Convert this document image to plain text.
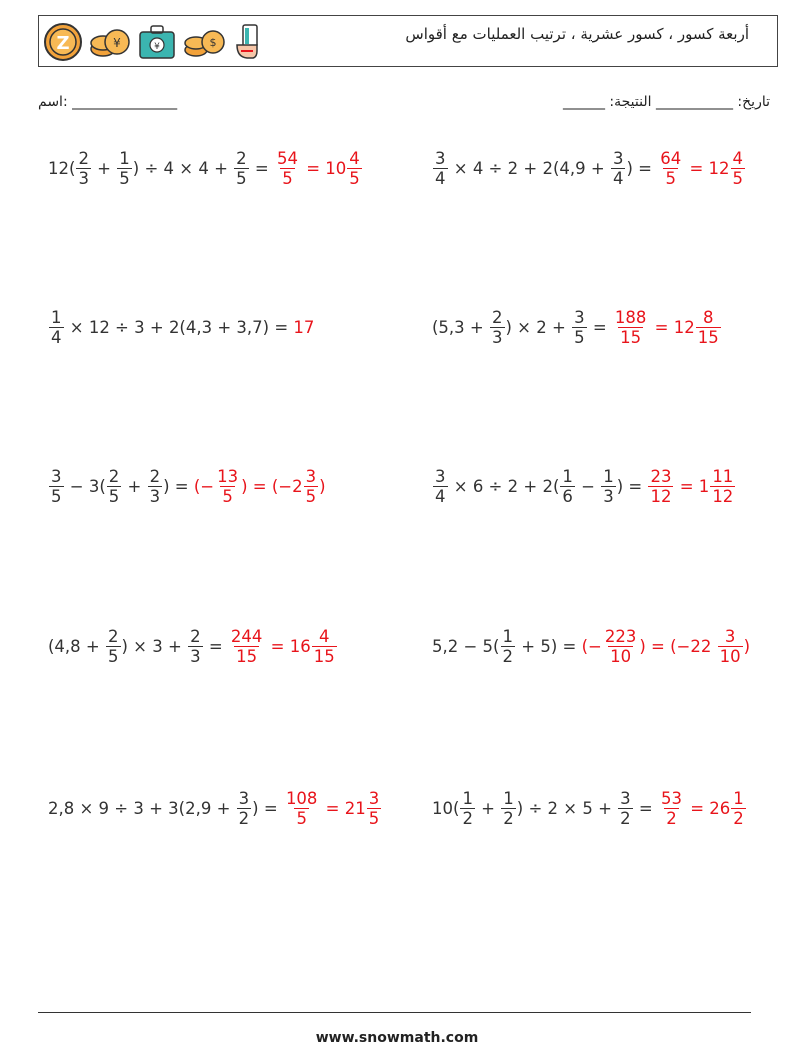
Z	¥	¥	$	أربعة كسور ، كسور عشرية ، ترتيب العمليات مع أقواس
اسم: _______________	______ :تاريخ: ___________ النتيجة
$12( \frac{2}{3} + \frac{1}{5}$ ) ÷ $4 \times 4 + \frac{2}{5} = \frac{54}{5} = 10 \frac{4}{5}$	$\frac{3}{4} \times 4 \div 2 + 2(4,9 + \frac{3}{4}$ ) = $\frac{64}{5} = 12 \frac{4}{5}$
$\frac{1}{4} \times 12 \div 3 + 2(4,3 + 3,7) = 17$	($5,3 + \frac{2}{3}$ ) × $2 + \frac{3}{5} = \frac{188}{15} = 12 \frac{8}{15}$
$\frac{3}{5} - 3( \frac{2}{5} + \frac{2}{3}$ ) = (− $\frac{13}{5}$ ) = ($-2 \frac{3}{5}$ )	$\frac{3}{4} \times 6 \div 2 + 2( \frac{1}{6} - \frac{1}{3}$ ) = $\frac{23}{12} = 1 \frac{11}{12}$
($4,8 + \frac{2}{5}$ ) × $3 + \frac{2}{3} = \frac{244}{15} = 16 \frac{4}{15}$	$5,2 - 5( \frac{1}{2} + 5)$ = (− $\frac{223}{10}$ ) = ($-22 \frac{3}{10}$ )
$2,8 \times 9 \div 3 + 3(2,9 + \frac{3}{2}$ ) = $\frac{108}{5} = 21 \frac{3}{5}$	$10( \frac{1}{2} + \frac{1}{2}$ ) ÷ $2 \times 5 + \frac{3}{2} = \frac{53}{2} = 26 \frac{1}{2}$
www.snowmath.com
